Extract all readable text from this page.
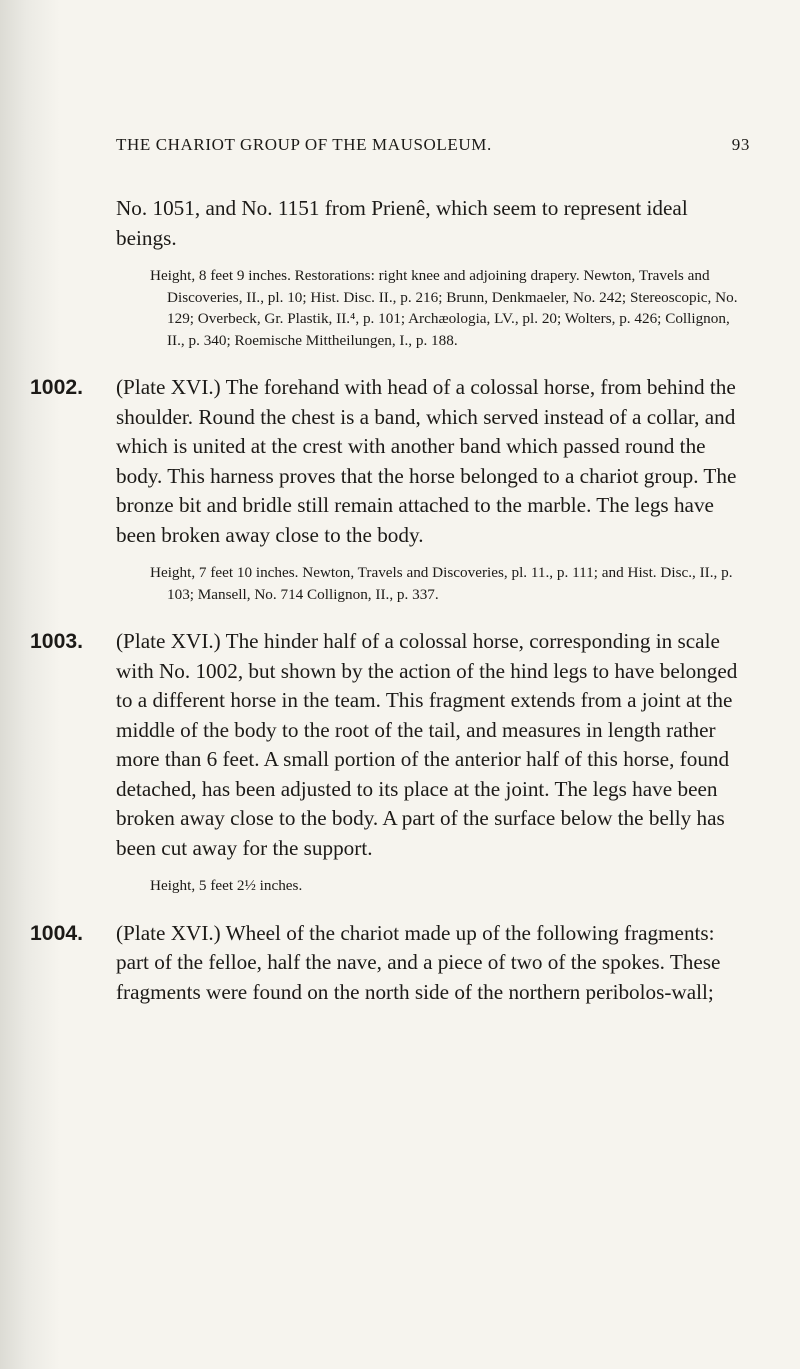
THE CHARIOT GROUP OF THE MAUSOLEUM.	93

No. 1051, and No. 1151 from Prienê, which seem to represent ideal beings.

Height, 8 feet 9 inches. Restorations: right knee and adjoining drapery. Newton, Travels and Discoveries, II., pl. 10; Hist. Disc. II., p. 216; Brunn, Denkmaeler, No. 242; Stereoscopic, No. 129; Overbeck, Gr. Plastik, II.⁴, p. 101; Archæologia, LV., pl. 20; Wolters, p. 426; Collignon, II., p. 340; Roemische Mittheilungen, I., p. 188.

1002. (Plate XVI.) The forehand with head of a colossal horse, from behind the shoulder. Round the chest is a band, which served instead of a collar, and which is united at the crest with another band which passed round the body. This harness proves that the horse belonged to a chariot group. The bronze bit and bridle still remain attached to the marble. The legs have been broken away close to the body.

Height, 7 feet 10 inches. Newton, Travels and Discoveries, pl. 11., p. 111; and Hist. Disc., II., p. 103; Mansell, No. 714 Collignon, II., p. 337.

1003. (Plate XVI.) The hinder half of a colossal horse, corresponding in scale with No. 1002, but shown by the action of the hind legs to have belonged to a different horse in the team. This fragment extends from a joint at the middle of the body to the root of the tail, and measures in length rather more than 6 feet. A small portion of the anterior half of this horse, found detached, has been adjusted to its place at the joint. The legs have been broken away close to the body. A part of the surface below the belly has been cut away for the support.

Height, 5 feet 2½ inches.

1004. (Plate XVI.) Wheel of the chariot made up of the following fragments: part of the felloe, half the nave, and a piece of two of the spokes. These fragments were found on the north side of the northern peribolos-wall;
